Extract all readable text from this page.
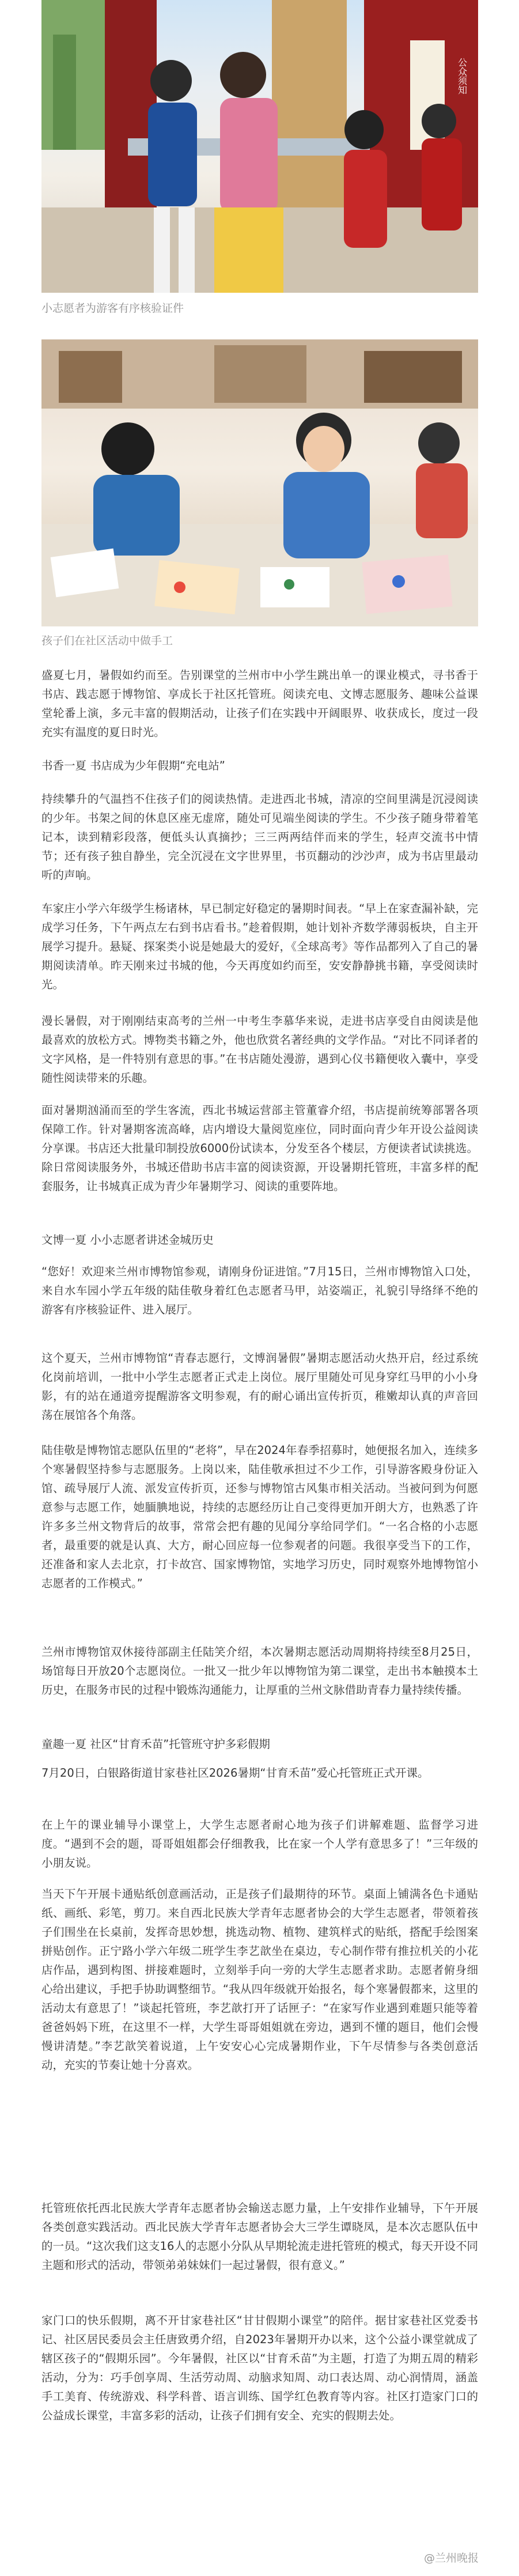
公众须知
小志愿者为游客有序核验证件
孩子们在社区活动中做手工

盛夏七月，暑假如约而至。告别课堂的兰州市中小学生跳出单一的课业模式，寻书香于书店、践志愿于博物馆、享成长于社区托管班。阅读充电、文博志愿服务、趣味公益课堂轮番上演，多元丰富的假期活动，让孩子们在实践中开阔眼界、收获成长，度过一段充实有温度的夏日时光。

书香一夏 书店成为少年假期“充电站”

持续攀升的气温挡不住孩子们的阅读热情。走进西北书城，清凉的空间里满是沉浸阅读的少年。书架之间的休息区座无虚席，随处可见端坐阅读的学生。不少孩子随身带着笔记本，读到精彩段落，便低头认真摘抄；三三两两结伴而来的学生，轻声交流书中情节；还有孩子独自静坐，完全沉浸在文字世界里，书页翻动的沙沙声，成为书店里最动听的声响。

车家庄小学六年级学生杨诸林，早已制定好稳定的暑期时间表。“早上在家查漏补缺，完成学习任务，下午两点左右到书店看书。”趁着假期，她计划补齐数学薄弱板块，自主开展学习提升。悬疑、探案类小说是她最大的爱好，《全球高考》等作品都列入了自己的暑期阅读清单。昨天刚来过书城的他，今天再度如约而至，安安静静挑书籍，享受阅读时光。

漫长暑假，对于刚刚结束高考的兰州一中考生李慕华来说，走进书店享受自由阅读是他最喜欢的放松方式。博物类书籍之外，他也欣赏名著经典的文学作品。“对比不同译者的文字风格，是一件特别有意思的事。”在书店随处漫游，遇到心仪书籍便收入囊中，享受随性阅读带来的乐趣。

面对暑期汹涌而至的学生客流，西北书城运营部主管董睿介绍，书店提前统筹部署各项保障工作。针对暑期客流高峰，店内增设大量阅览座位，同时面向青少年开设公益阅读分享课。书店还大批量印制投放6000份试读本，分发至各个楼层，方便读者试读挑选。除日常阅读服务外，书城还借助书店丰富的阅读资源，开设暑期托管班，丰富多样的配套服务，让书城真正成为青少年暑期学习、阅读的重要阵地。

文博一夏 小小志愿者讲述金城历史

“您好！欢迎来兰州市博物馆参观，请刚身份证进馆。”7月15日，兰州市博物馆入口处，来自水车园小学五年级的陆佳敬身着红色志愿者马甲，站姿端正，礼貌引导络绎不绝的游客有序核验证件、进入展厅。

这个夏天，兰州市博物馆“青春志愿行，文博润暑假”暑期志愿活动火热开启，经过系统化岗前培训，一批中小学生志愿者正式走上岗位。展厅里随处可见身穿红马甲的小小身影，有的站在通道旁提醒游客文明参观，有的耐心诵出宣传折页，稚嫩却认真的声音回荡在展馆各个角落。

陆佳敬是博物馆志愿队伍里的“老将”，早在2024年春季招募时，她便报名加入，连续多个寒暑假坚持参与志愿服务。上岗以来，陆佳敬承担过不少工作，引导游客殿身份证入馆、疏导展厅人流、派发宣传折页，还参与博物馆古风集市相关活动。当被问到为何愿意参与志愿工作，她腼腆地说，持续的志愿经历让自己变得更加开朗大方，也熟悉了许许多多兰州文物背后的故事，常常会把有趣的见闻分享给同学们。“一名合格的小志愿者，最重要的就是认真、大方，耐心回应每一位参观者的问题。我很享受当下的工作，还准备和家人去北京，打卡故宫、国家博物馆，实地学习历史，同时观察外地博物馆小志愿者的工作模式。”

兰州市博物馆双休接待部副主任陆笑介绍，本次暑期志愿活动周期将持续至8月25日，场馆每日开放20个志愿岗位。一批又一批少年以博物馆为第二课堂，走出书本触摸本土历史，在服务市民的过程中锻炼沟通能力，让厚重的兰州文脉借助青春力量持续传播。

童趣一夏 社区“甘育禾苗”托管班守护多彩假期

7月20日，白银路街道甘家巷社区2026暑期“甘育禾苗”爱心托管班正式开课。

在上午的课业辅导小课堂上，大学生志愿者耐心地为孩子们讲解难题、监督学习进度。“遇到不会的题，哥哥姐姐都会仔细教我，比在家一个人学有意思多了！”三年级的小朋友说。

当天下午开展卡通贴纸创意画活动，正是孩子们最期待的环节。桌面上铺满各色卡通贴纸、画纸、彩笔，剪刀。来自西北民族大学青年志愿者协会的大学生志愿者，带领着孩子们围坐在长桌前，发挥奇思妙想，挑选动物、植物、建筑样式的贴纸，搭配手绘图案拼贴创作。正宁路小学六年级二班学生李艺歆坐在桌边，专心制作带有推拉机关的小花店作品，遇到构图、拼接难题时，立刻举手向一旁的大学生志愿者求助。志愿者俯身细心给出建议，手把手协助调整细节。“我从四年级就开始报名，每个寒暑假都来，这里的活动太有意思了！”谈起托管班，李艺歆打开了话匣子：“在家写作业遇到难题只能等着爸爸妈妈下班，在这里不一样，大学生哥哥姐姐就在旁边，遇到不懂的题目，他们会慢慢讲清楚。”李艺歆笑着说道，上午安安心心完成暑期作业，下午尽情参与各类创意活动，充实的节奏让她十分喜欢。

托管班依托西北民族大学青年志愿者协会输送志愿力量，上午安排作业辅导，下午开展各类创意实践活动。西北民族大学青年志愿者协会大三学生谭晓凤，是本次志愿队伍中的一员。“这次我们这支16人的志愿小分队从早期轮流走进托管班的模式，每天开设不同主题和形式的活动，带领弟弟妹妹们一起过暑假，很有意义。”

家门口的快乐假期，离不开甘家巷社区“甘甘假期小课堂”的陪伴。据甘家巷社区党委书记、社区居民委员会主任唐致勇介绍，自2023年暑期开办以来，这个公益小课堂就成了辖区孩子的“假期乐园”。今年暑假，社区以“甘育禾苗”为主题，打造了为期五周的精彩活动，分为：巧手创享周、生活劳动周、动脑求知周、动口表达周、动心润情周，涵盖手工美育、传统游戏、科学科普、语言训练、国学红色教育等内容。社区打造家门口的公益成长课堂，丰富多彩的活动，让孩子们拥有安全、充实的假期去处。

@兰州晚报
